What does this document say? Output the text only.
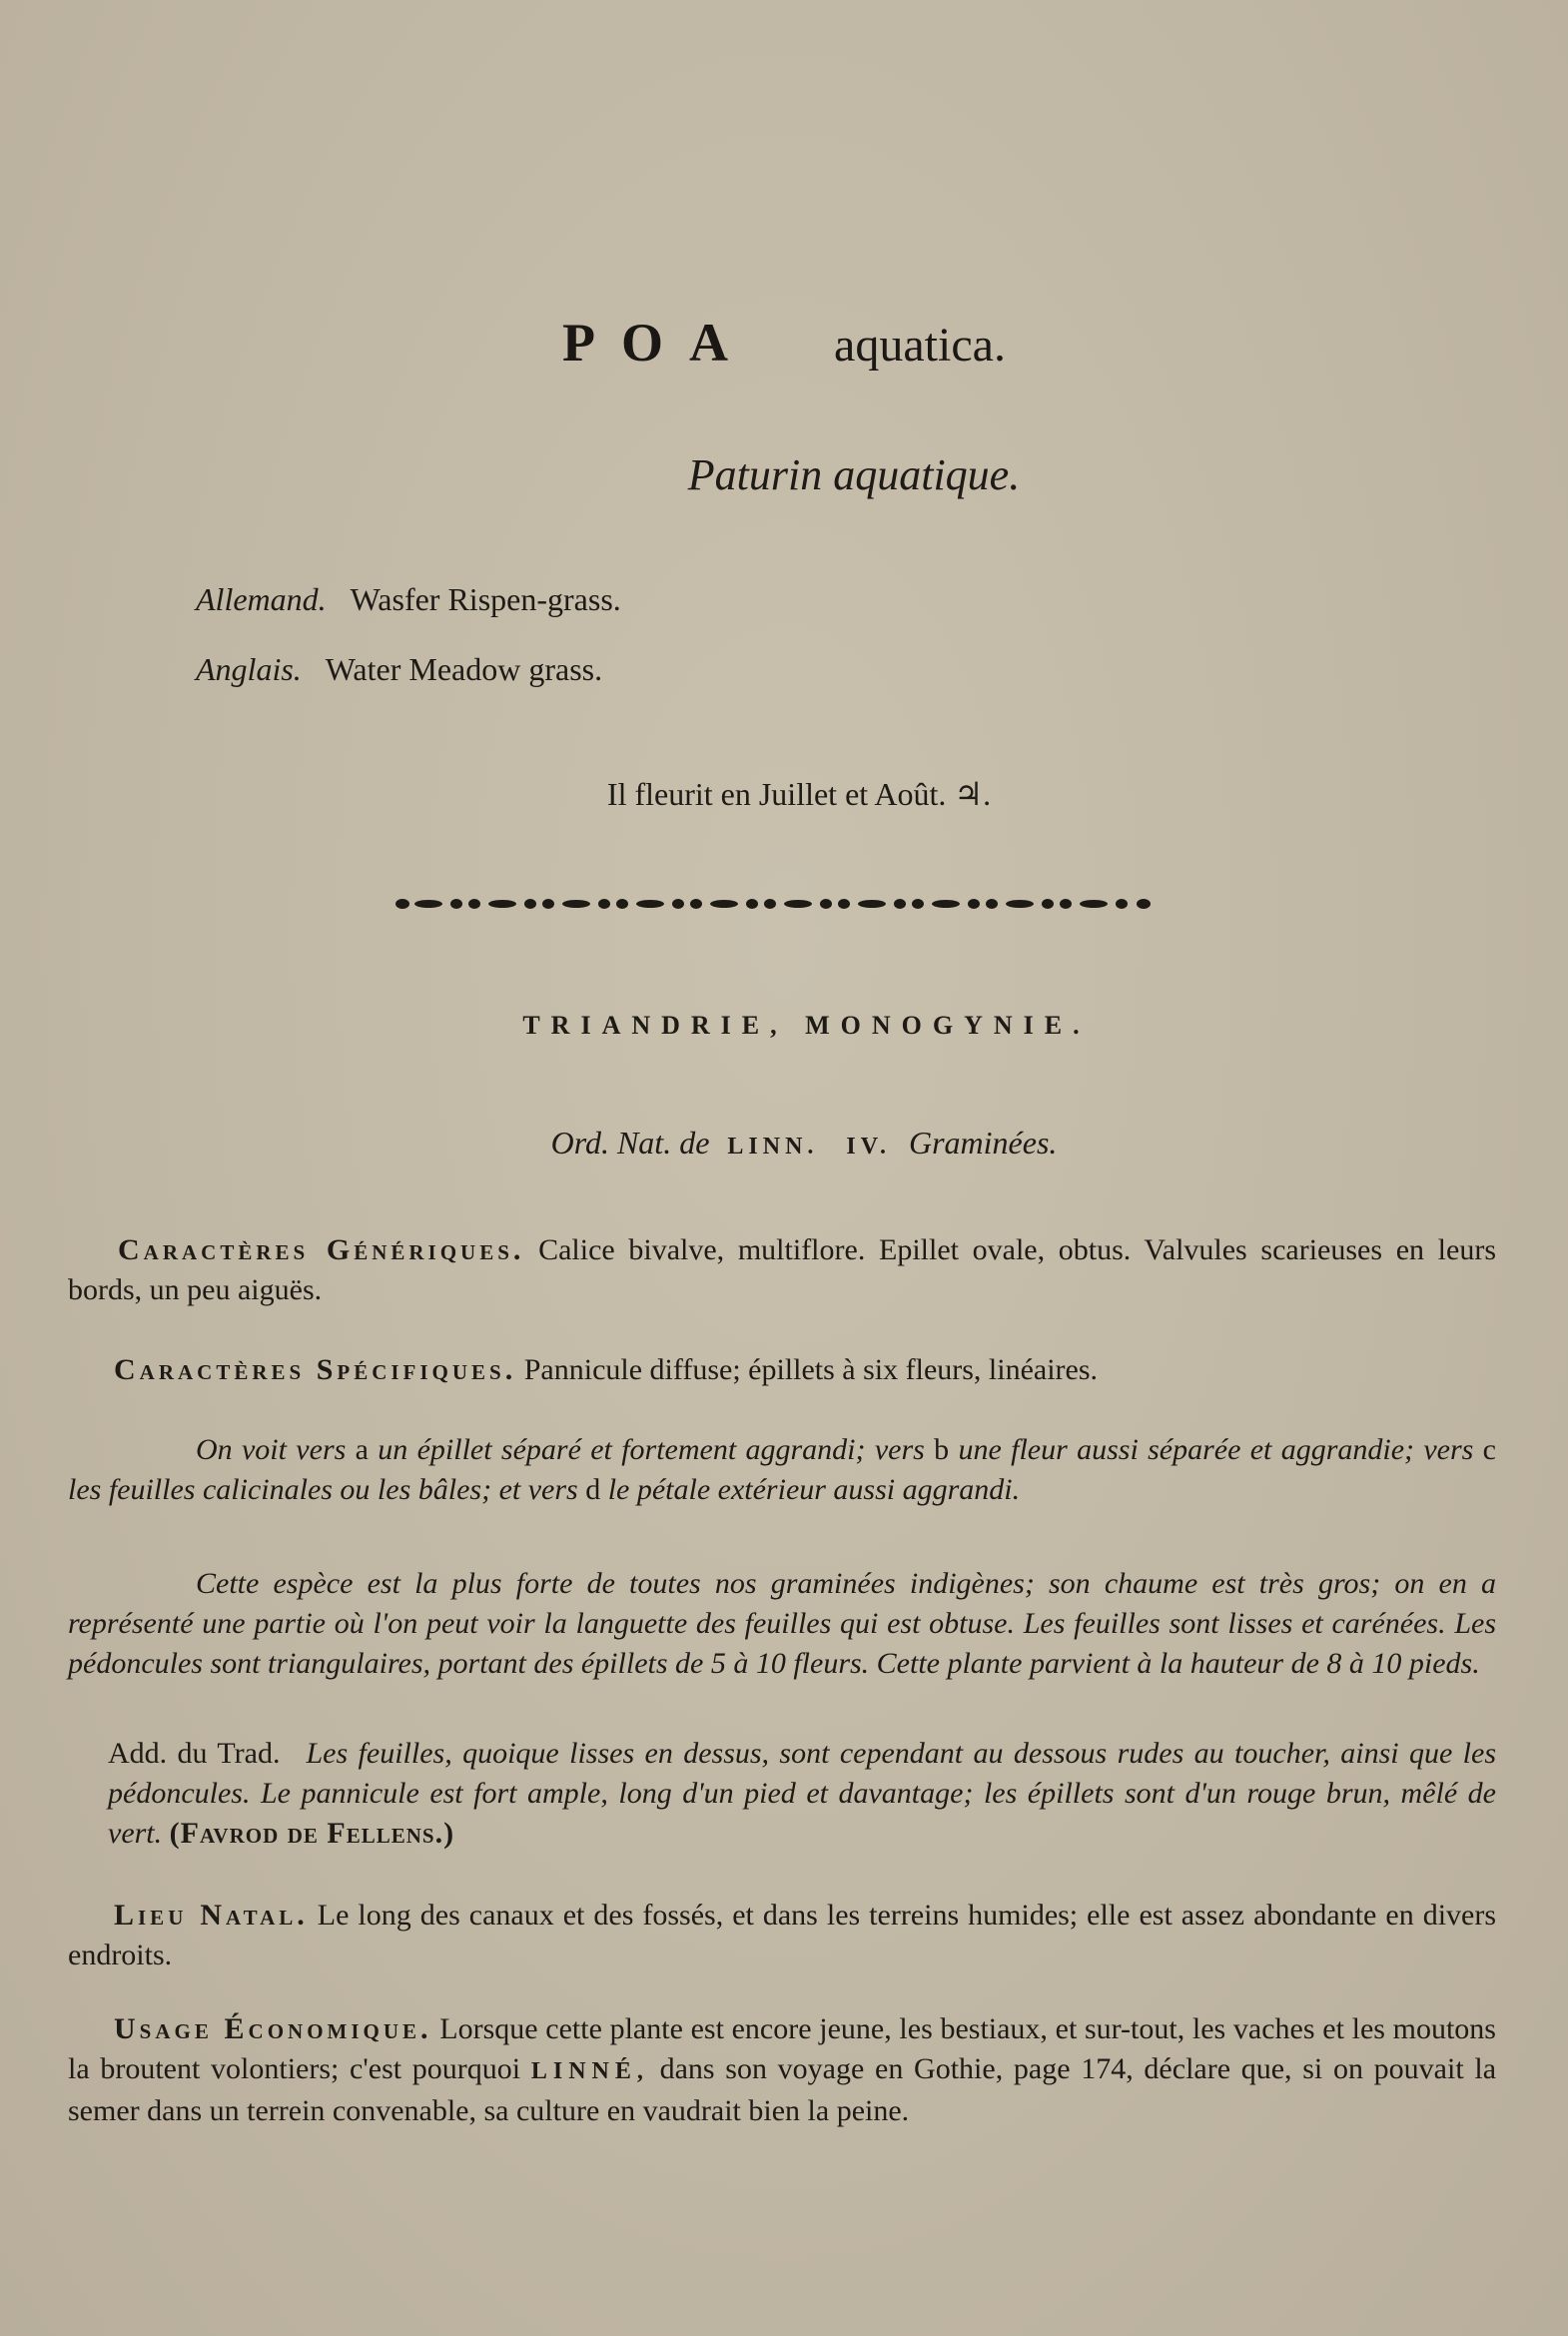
POA aquatica.
Paturin aquatique.
Allemand. Wasfer Rispen-grass.
Anglais. Water Meadow grass.
Il fleurit en Juillet et Août. ♃.
TRIANDRIE, MONOGYNIE.
Ord. Nat. de LINN. IV. Graminées.
Caractères Génériques. Calice bivalve, multiflore. Epillet ovale, obtus. Valvules scarieuses en leurs bords, un peu aiguës.
Caractères Spécifiques. Pannicule diffuse; épillets à six fleurs, linéaires.
On voit vers a un épillet séparé et fortement aggrandi; vers b une fleur aussi séparée et aggrandie; vers c les feuilles calicinales ou les bâles; et vers d le pétale extérieur aussi aggrandi.
Cette espèce est la plus forte de toutes nos graminées indigènes; son chaume est très gros; on en a représenté une partie où l'on peut voir la languette des feuilles qui est obtuse. Les feuilles sont lisses et carénées. Les pédoncules sont triangulaires, portant des épillets de 5 à 10 fleurs. Cette plante parvient à la hauteur de 8 à 10 pieds.
Add. du Trad. Les feuilles, quoique lisses en dessus, sont cependant au dessous rudes au toucher, ainsi que les pédoncules. Le pannicule est fort ample, long d'un pied et davantage; les épillets sont d'un rouge brun, mêlé de vert. (Favrod de Fellens.)
Lieu Natal. Le long des canaux et des fossés, et dans les terreins humides; elle est assez abondante en divers endroits.
Usage Économique. Lorsque cette plante est encore jeune, les bestiaux, et sur-tout, les vaches et les moutons la broutent volontiers; c'est pourquoi LINNÉ, dans son voyage en Gothie, page 174, déclare que, si on pouvait la semer dans un terrein convenable, sa culture en vaudrait bien la peine.
